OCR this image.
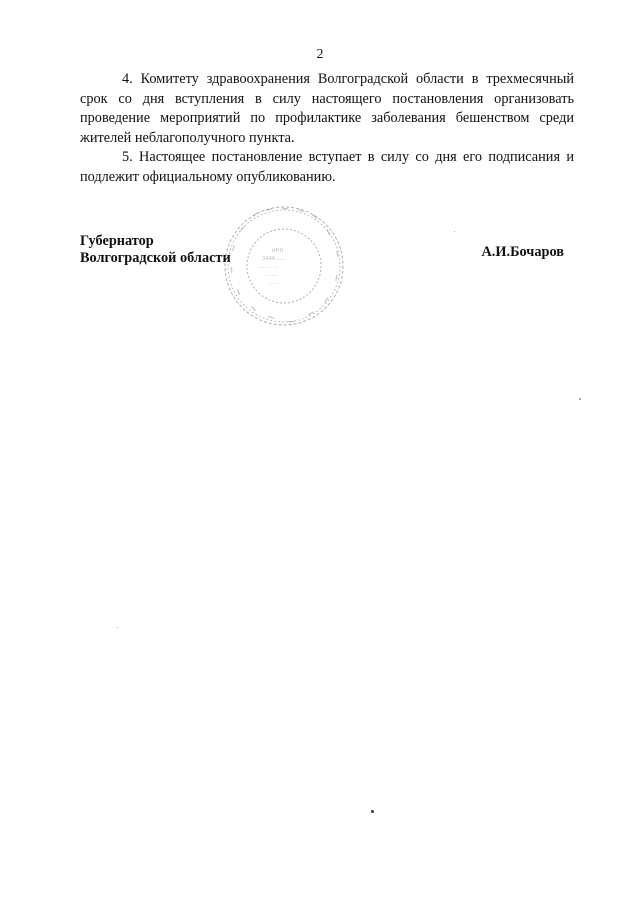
2

4. Комитету здравоохранения Волгоградской области в трехмесячный срок со дня вступления в силу настоящего постановления организовать проведение мероприятий по профилактике заболевания бешенством среди жителей неблагополучного пункта.

5. Настоящее постановление вступает в силу со дня его подписания и подлежит официальному опубликованию.

ИНН
3444.......
......... ...
..........
........
Губернатор
Волгоградской области	А.И.Бочаров
